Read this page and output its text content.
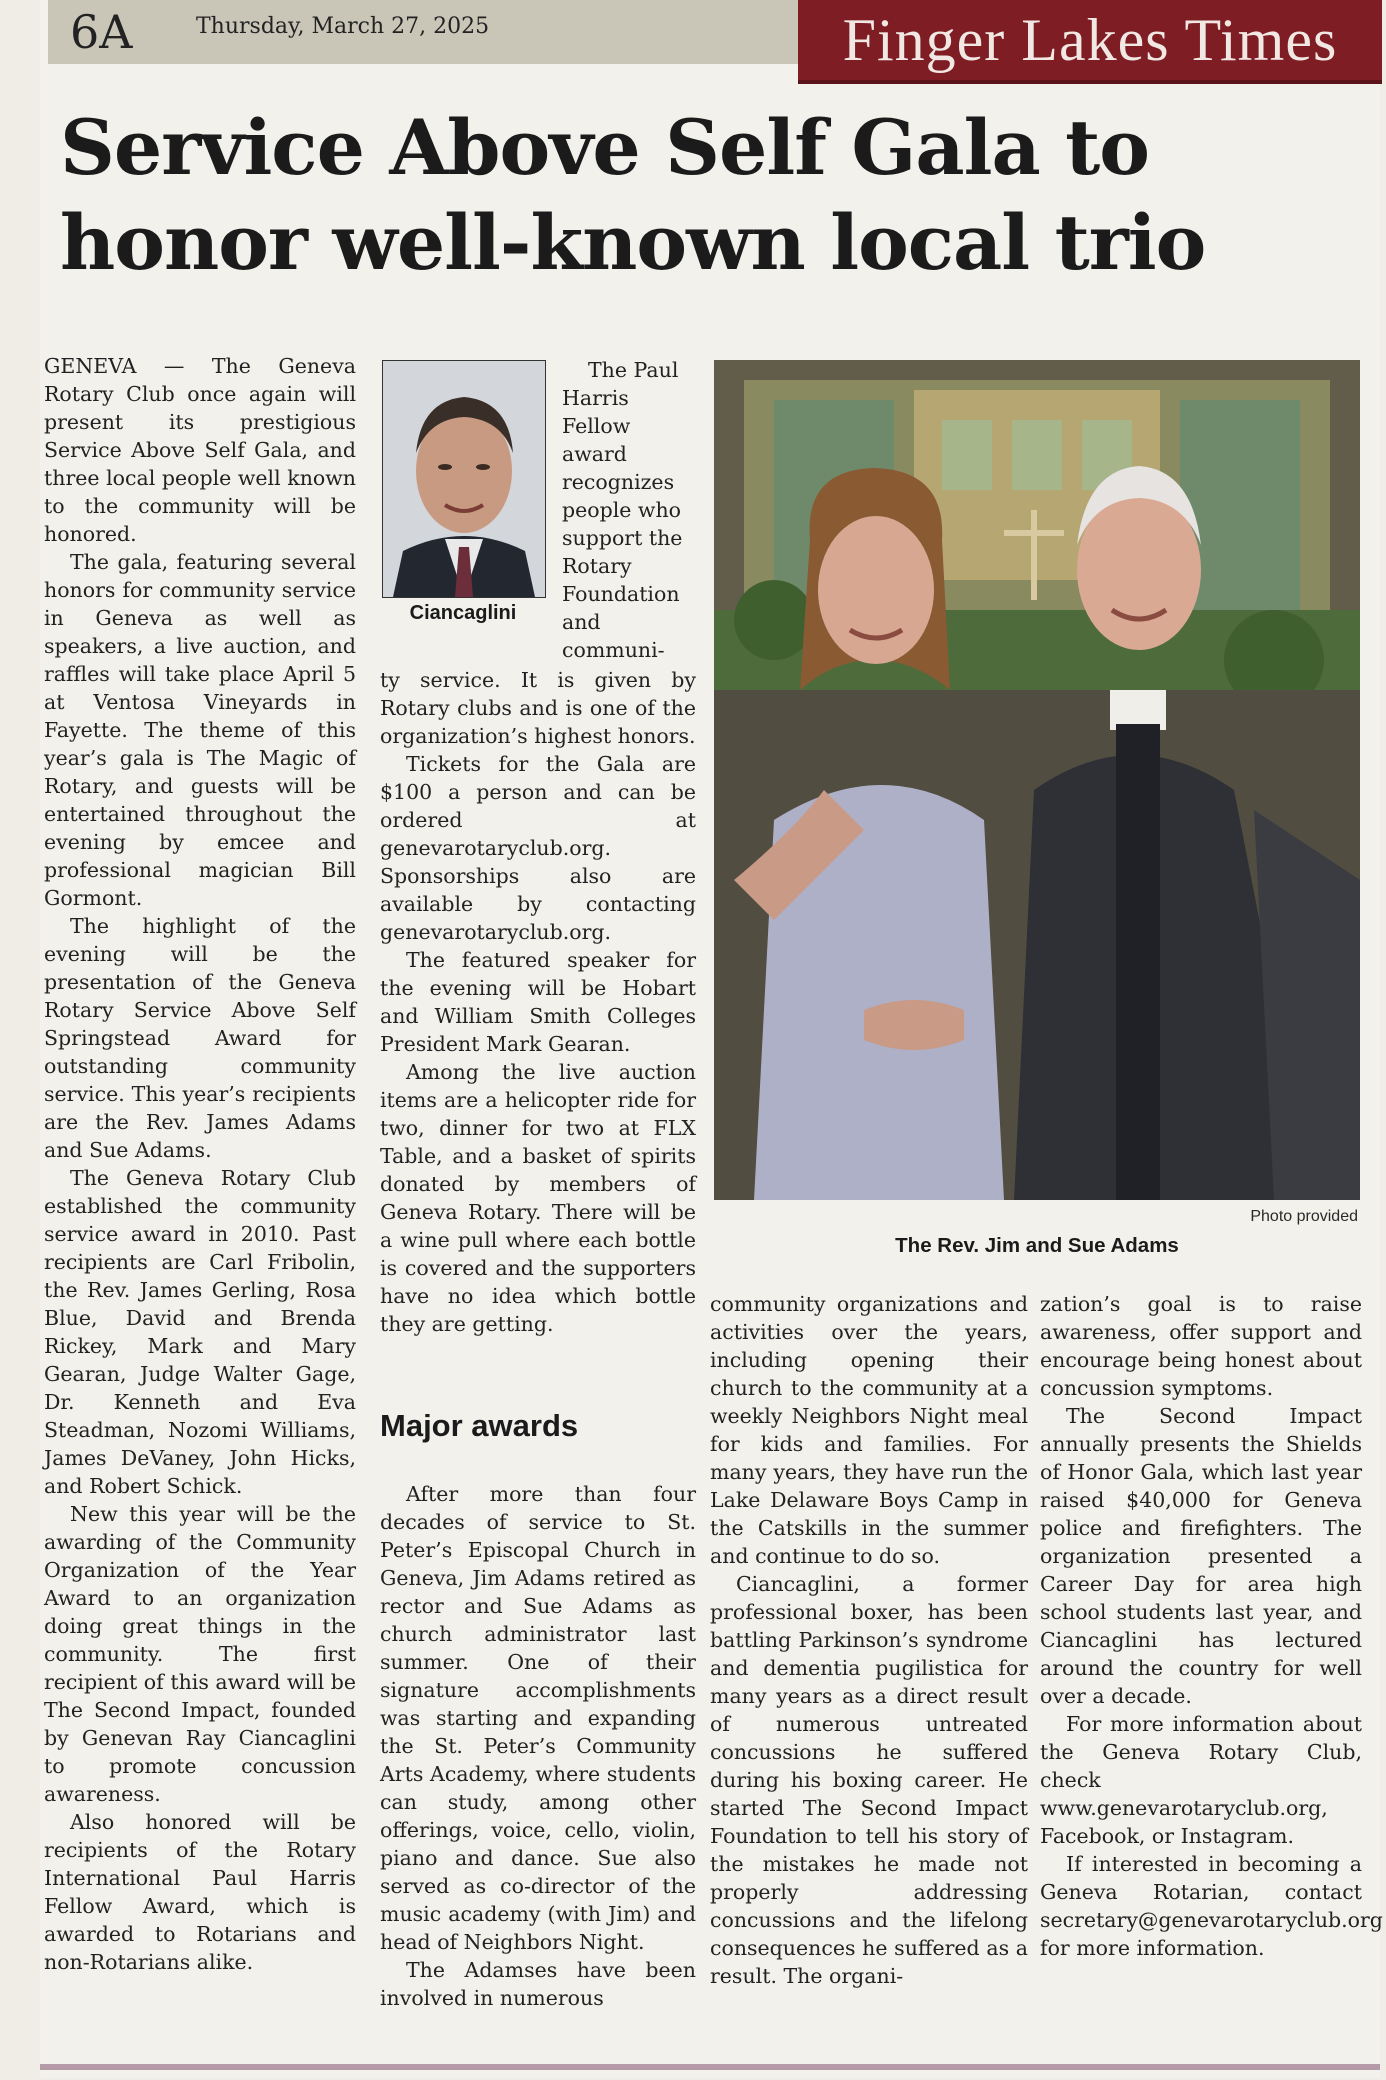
6A	Thursday, March 27, 2025	Finger Lakes Times
Service Above Self Gala to
honor well-known local trio

GENEVA — The Geneva Rotary Club once again will present its prestigious Service Above Self Gala, and three local people well known to the community will be honored.

The gala, featuring several honors for community service in Geneva as well as speakers, a live auction, and raffles will take place April 5 at Ventosa Vineyards in Fayette. The theme of this year’s gala is The Magic of Rotary, and guests will be entertained throughout the evening by emcee and professional magician Bill Gormont.

The highlight of the evening will be the presentation of the Geneva Rotary Service Above Self Springstead Award for outstanding community service. This year’s recipients are the Rev. James Adams and Sue Adams.

The Geneva Rotary Club established the community service award in 2010. Past recipients are Carl Fribolin, the Rev. James Gerling, Rosa Blue, David and Brenda Rickey, Mark and Mary Gearan, Judge Walter Gage, Dr. Kenneth and Eva Steadman, Nozomi Williams, James DeVaney, John Hicks, and Robert Schick.

New this year will be the awarding of the Community Organization of the Year Award to an organization doing great things in the community. The first recipient of this award will be The Second Impact, founded by Genevan Ray Ciancaglini to promote concussion awareness.

Also honored will be recipients of the Rotary International Paul Harris Fellow Award, which is awarded to Rotarians and non-Rotarians alike.

Ciancaglini

The Paul Harris Fellow award recognizes people who support the Rotary Foundation and communi-

ty service. It is given by Rotary clubs and is one of the organization’s highest honors.

Tickets for the Gala are $100 a person and can be ordered at genevarotaryclub.org. Sponsorships also are available by contacting genevarotaryclub.org.

The featured speaker for the evening will be Hobart and William Smith Colleges President Mark Gearan.

Among the live auction items are a helicopter ride for two, dinner for two at FLX Table, and a basket of spirits donated by members of Geneva Rotary. There will be a wine pull where each bottle is covered and the supporters have no idea which bottle they are getting.

Major awards

After more than four decades of service to St. Peter’s Episcopal Church in Geneva, Jim Adams retired as rector and Sue Adams as church administrator last summer. One of their signature accomplishments was starting and expanding the St. Peter’s Community Arts Academy, where students can study, among other offerings, voice, cello, violin, piano and dance. Sue also served as co-director of the music academy (with Jim) and head of Neighbors Night.

The Adamses have been involved in numerous

Photo provided
The Rev. Jim and Sue Adams

community organizations and activities over the years, including opening their church to the community at a weekly Neighbors Night meal for kids and families. For many years, they have run the Lake Delaware Boys Camp in the Catskills in the summer and continue to do so.

Ciancaglini, a former professional boxer, has been battling Parkinson’s syndrome and dementia pugilistica for many years as a direct result of numerous untreated concussions he suffered during his boxing career. He started The Second Impact Foundation to tell his story of the mistakes he made not properly addressing concussions and the lifelong consequences he suffered as a result. The organi-

zation’s goal is to raise awareness, offer support and encourage being honest about concussion symptoms.

The Second Impact annually presents the Shields of Honor Gala, which last year raised $40,000 for Geneva police and firefighters. The organization presented a Career Day for area high school students last year, and Ciancaglini has lectured around the country for well over a decade.

For more information about the Geneva Rotary Club, check www.genevarotaryclub.org, Facebook, or Instagram.

If interested in becoming a Geneva Rotarian, contact secretary@genevarotaryclub.org for more information.
